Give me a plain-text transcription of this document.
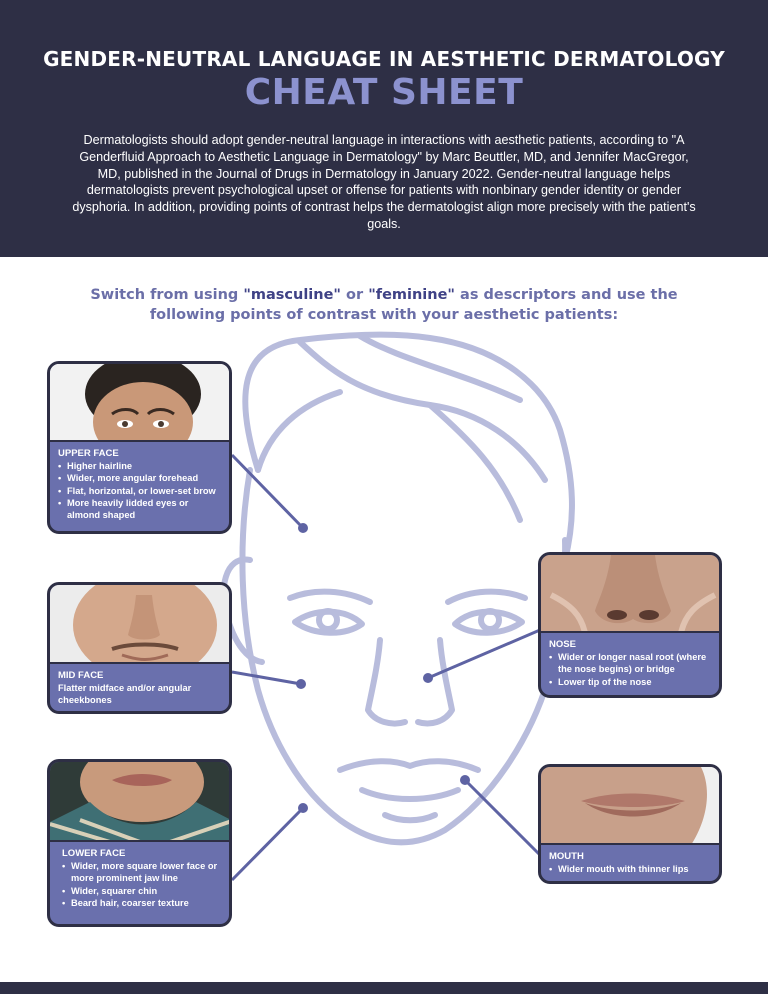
GENDER-NEUTRAL LANGUAGE IN AESTHETIC DERMATOLOGY
CHEAT SHEET
Dermatologists should adopt gender-neutral language in interactions with aesthetic patients, according to "A Genderfluid Approach to Aesthetic Language in Dermatology" by Marc Beuttler, MD, and Jennifer MacGregor, MD, published in the Journal of Drugs in Dermatology in January 2022. Gender-neutral language helps dermatologists prevent psychological upset or offense for patients with nonbinary gender identity or gender dysphoria. In addition, providing points of contrast helps the dermatologist align more precisely with the patient's goals.
Switch from using "masculine" or "feminine" as descriptors and use the following points of contrast with your aesthetic patients:
UPPER FACE
• Higher hairline
• Wider, more angular forehead
• Flat, horizontal, or lower-set brow
• More heavily lidded eyes or almond shaped
MID FACE
Flatter midface and/or angular cheekbones
LOWER FACE
• Wider, more square lower face or more prominent jaw line
• Wider, squarer chin
• Beard hair, coarser texture
NOSE
• Wider or longer nasal root (where the nose begins) or bridge
• Lower tip of the nose
MOUTH
• Wider mouth with thinner lips
